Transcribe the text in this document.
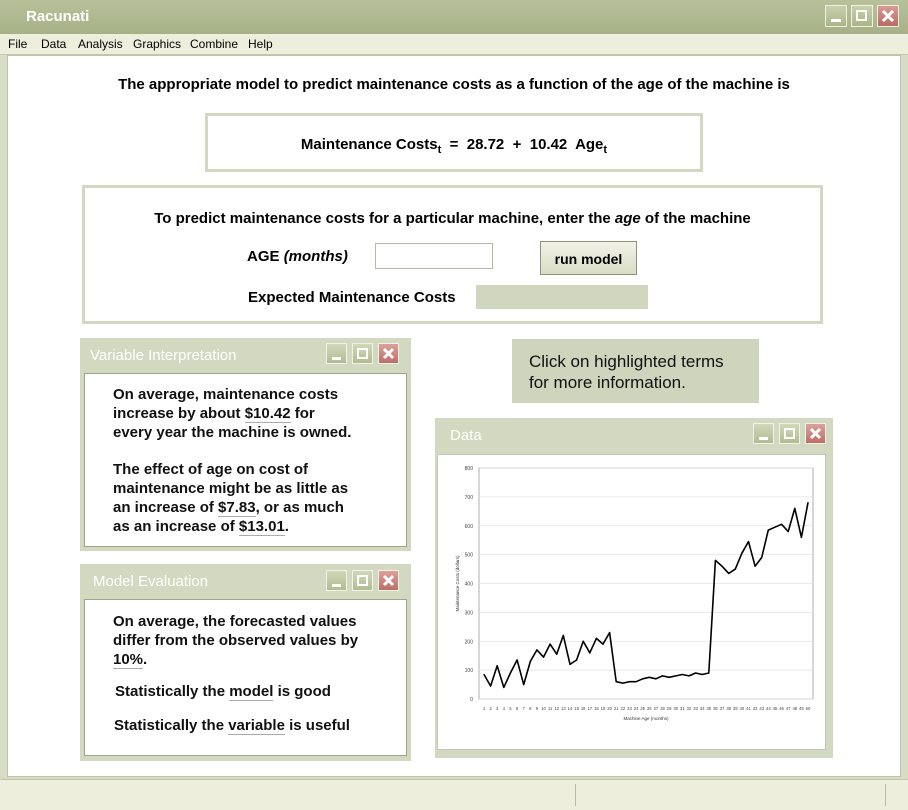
Racunati
File Data Analysis Graphics Combine Help
The appropriate model to predict maintenance costs as a function of the age of the machine is
Maintenance Costs$_t$ = 28.72 + 10.42 Age$_t$
To predict maintenance costs for a particular machine, enter the age of the machine
AGE (months)	run model
Expected Maintenance Costs
Click on highlighted terms
for more information.
Variable Interpretation
On average, maintenance costs
increase by about $10.42 for
every year the machine is owned.
The effect of age on cost of
maintenance might be as little as
an increase of $7.83, or as much
as an increase of $13.01.
Model Evaluation
On average, the forecasted values
differ from the observed values by
10%.
Statistically the model is good
Statistically the variable is useful
Data
0
100
200
300
400
500
600
700
800
1 2 3 4 5 6 7 8 9 10 11 12 13 14 15 16 17 18 19 20 21 22 23 24 25 26 27 28 29 30 31 32 33 34 35 36 37 38 39 40 41 42 43 44 45 46 47 48 49 50
Machine Age (months)
Maintenance Costs (dollars)
